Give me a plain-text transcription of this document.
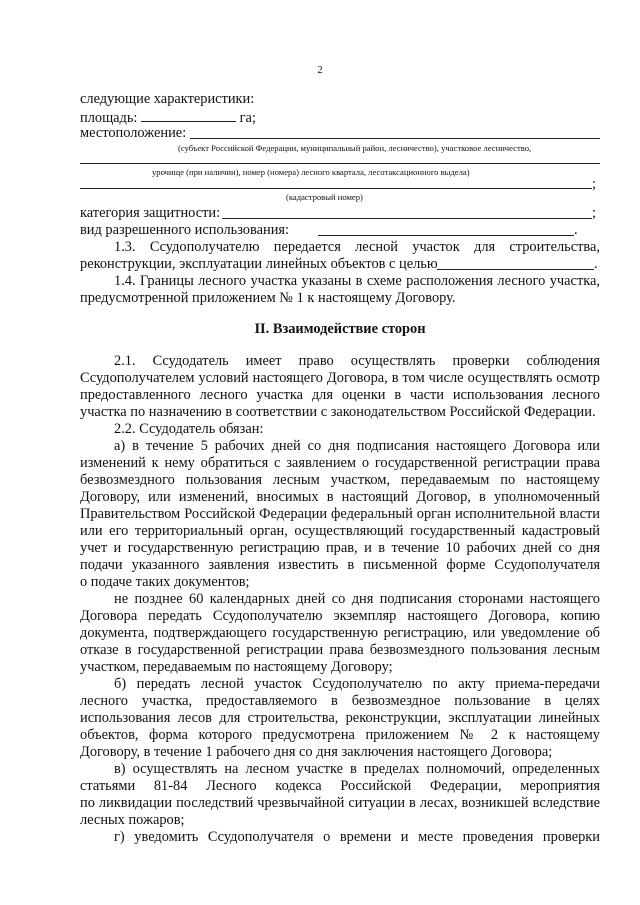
2
следующие характеристики:
площадь:	га;
местоположение:
(субъект Российской Федерации, муниципальный район, лесничество), участковое лесничество,
урочище (при наличии), номер (номера) лесного квартала, лесотаксационного выдела)
;
(кадастровый номер)
категория защитности:	;
вид разрешенного использования:	.
1.3. Ссудополучателю передается лесной участок для строительства,
реконструкции, эксплуатации линейных объектов с целью	.
1.4. Границы лесного участка указаны в схеме расположения лесного участка,
предусмотренной приложением № 1 к настоящему Договору.
II. Взаимодействие сторон
2.1. Ссудодатель имеет право осуществлять проверки соблюдения
Ссудополучателем условий настоящего Договора, в том числе осуществлять осмотр
предоставленного лесного участка для оценки в части использования лесного
участка по назначению в соответствии с законодательством Российской Федерации.
2.2. Ссудодатель обязан:
а) в течение 5 рабочих дней со дня подписания настоящего Договора или
изменений к нему обратиться с заявлением о государственной регистрации права
безвозмездного пользования лесным участком, передаваемым по настоящему
Договору, или изменений, вносимых в настоящий Договор, в уполномоченный
Правительством Российской Федерации федеральный орган исполнительной власти
или его территориальный орган, осуществляющий государственный кадастровый
учет и государственную регистрацию прав, и в течение 10 рабочих дней со дня
подачи указанного заявления известить в письменной форме Ссудополучателя
о подаче таких документов;
не позднее 60 календарных дней со дня подписания сторонами настоящего
Договора передать Ссудополучателю экземпляр настоящего Договора, копию
документа, подтверждающего государственную регистрацию, или уведомление об
отказе в государственной регистрации права безвозмездного пользования лесным
участком, передаваемым по настоящему Договору;
б) передать лесной участок Ссудополучателю по акту приема-передачи
лесного участка, предоставляемого в безвозмездное пользование в целях
использования лесов для строительства, реконструкции, эксплуатации линейных
объектов, форма которого предусмотрена приложением № 2 к настоящему
Договору, в течение 1 рабочего дня со дня заключения настоящего Договора;
в) осуществлять на лесном участке в пределах полномочий, определенных
статьями 81-84 Лесного кодекса Российской Федерации, мероприятия
по ликвидации последствий чрезвычайной ситуации в лесах, возникшей вследствие
лесных пожаров;
г) уведомить Ссудополучателя о времени и месте проведения проверки
